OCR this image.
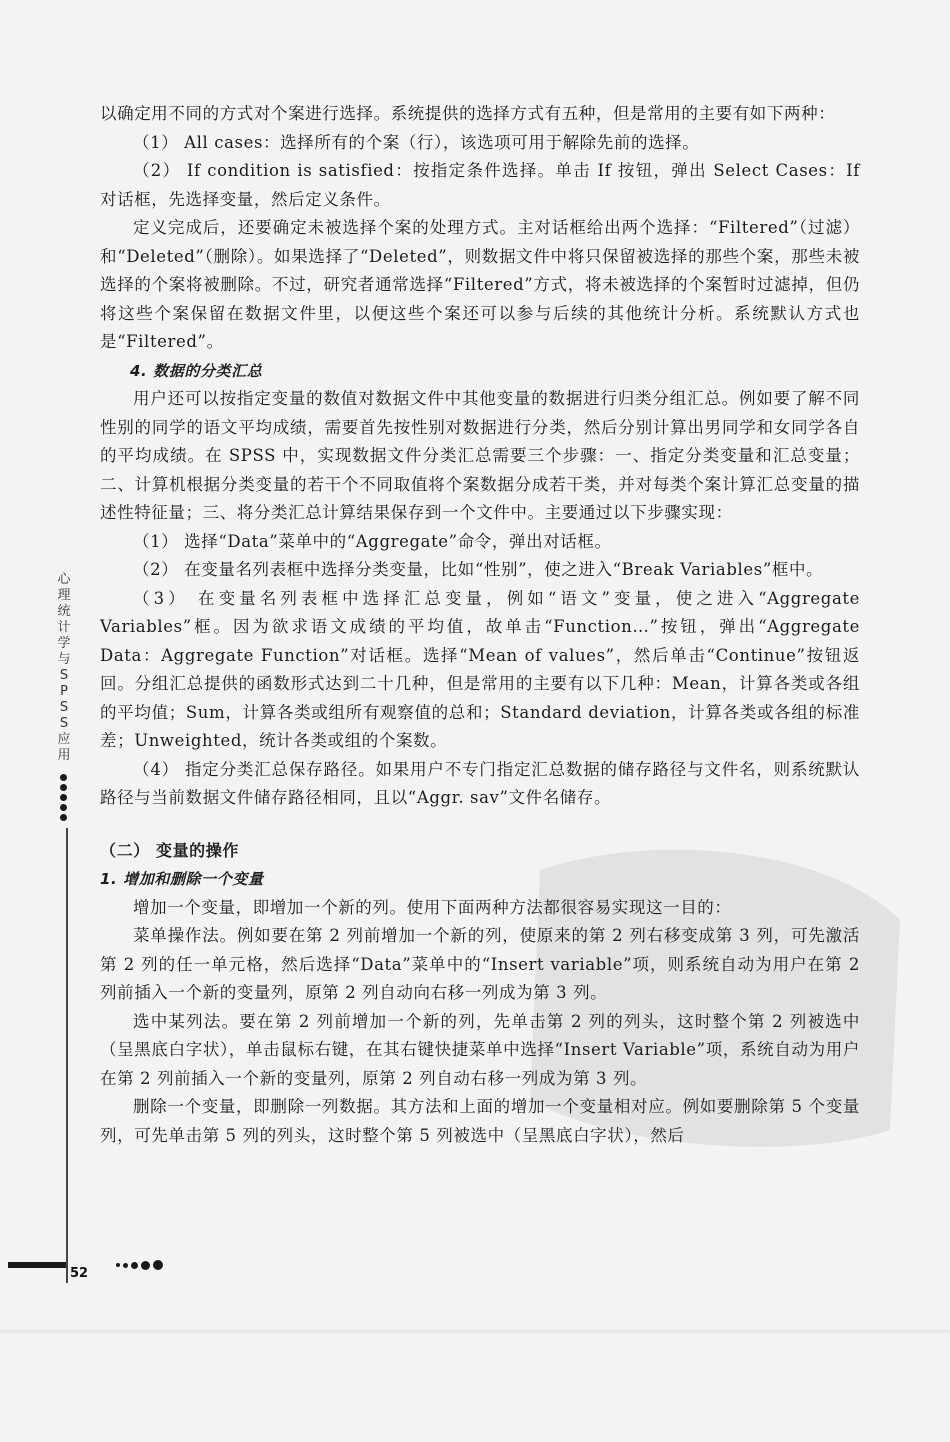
以确定用不同的方式对个案进行选择。系统提供的选择方式有五种，但是常用的主要有如下两种：

（1） All cases：选择所有的个案（行），该选项可用于解除先前的选择。

（2） If condition is satisfied：按指定条件选择。单击 If 按钮，弹出 Select Cases：If 对话框，先选择变量，然后定义条件。

定义完成后，还要确定未被选择个案的处理方式。主对话框给出两个选择：“Filtered”（过滤）和“Deleted”（删除）。如果选择了“Deleted”，则数据文件中将只保留被选择的那些个案，那些未被选择的个案将被删除。不过，研究者通常选择“Filtered”方式，将未被选择的个案暂时过滤掉，但仍将这些个案保留在数据文件里，以便这些个案还可以参与后续的其他统计分析。系统默认方式也是“Filtered”。

4. 数据的分类汇总

用户还可以按指定变量的数值对数据文件中其他变量的数据进行归类分组汇总。例如要了解不同性别的同学的语文平均成绩，需要首先按性别对数据进行分类，然后分别计算出男同学和女同学各自的平均成绩。在 SPSS 中，实现数据文件分类汇总需要三个步骤：一、指定分类变量和汇总变量；二、计算机根据分类变量的若干个不同取值将个案数据分成若干类，并对每类个案计算汇总变量的描述性特征量；三、将分类汇总计算结果保存到一个文件中。主要通过以下步骤实现：

（1） 选择“Data”菜单中的“Aggregate”命令，弹出对话框。

（2） 在变量名列表框中选择分类变量，比如“性别”，使之进入“Break Variables”框中。

（3） 在变量名列表框中选择汇总变量，例如“语文”变量，使之进入“Aggregate Variables”框。因为欲求语文成绩的平均值，故单击“Function…”按钮，弹出“Aggregate Data：Aggregate Function”对话框。选择“Mean of values”，然后单击“Continue”按钮返回。分组汇总提供的函数形式达到二十几种，但是常用的主要有以下几种：Mean，计算各类或各组的平均值；Sum，计算各类或组所有观察值的总和；Standard deviation，计算各类或各组的标准差；Unweighted，统计各类或组的个案数。

（4） 指定分类汇总保存路径。如果用户不专门指定汇总数据的储存路径与文件名，则系统默认路径与当前数据文件储存路径相同，且以“Aggr. sav”文件名储存。

（二） 变量的操作

1. 增加和删除一个变量

增加一个变量，即增加一个新的列。使用下面两种方法都很容易实现这一目的：

菜单操作法。例如要在第 2 列前增加一个新的列，使原来的第 2 列右移变成第 3 列，可先激活第 2 列的任一单元格，然后选择“Data”菜单中的“Insert variable”项，则系统自动为用户在第 2 列前插入一个新的变量列，原第 2 列自动向右移一列成为第 3 列。

选中某列法。要在第 2 列前增加一个新的列，先单击第 2 列的列头，这时整个第 2 列被选中（呈黑底白字状），单击鼠标右键，在其右键快捷菜单中选择“Insert Variable”项，系统自动为用户在第 2 列前插入一个新的变量列，原第 2 列自动右移一列成为第 3 列。

删除一个变量，即删除一列数据。其方法和上面的增加一个变量相对应。例如要删除第 5 个变量列，可先单击第 5 列的列头，这时整个第 5 列被选中（呈黑底白字状），然后

心理统计学与SPSS应用
52
